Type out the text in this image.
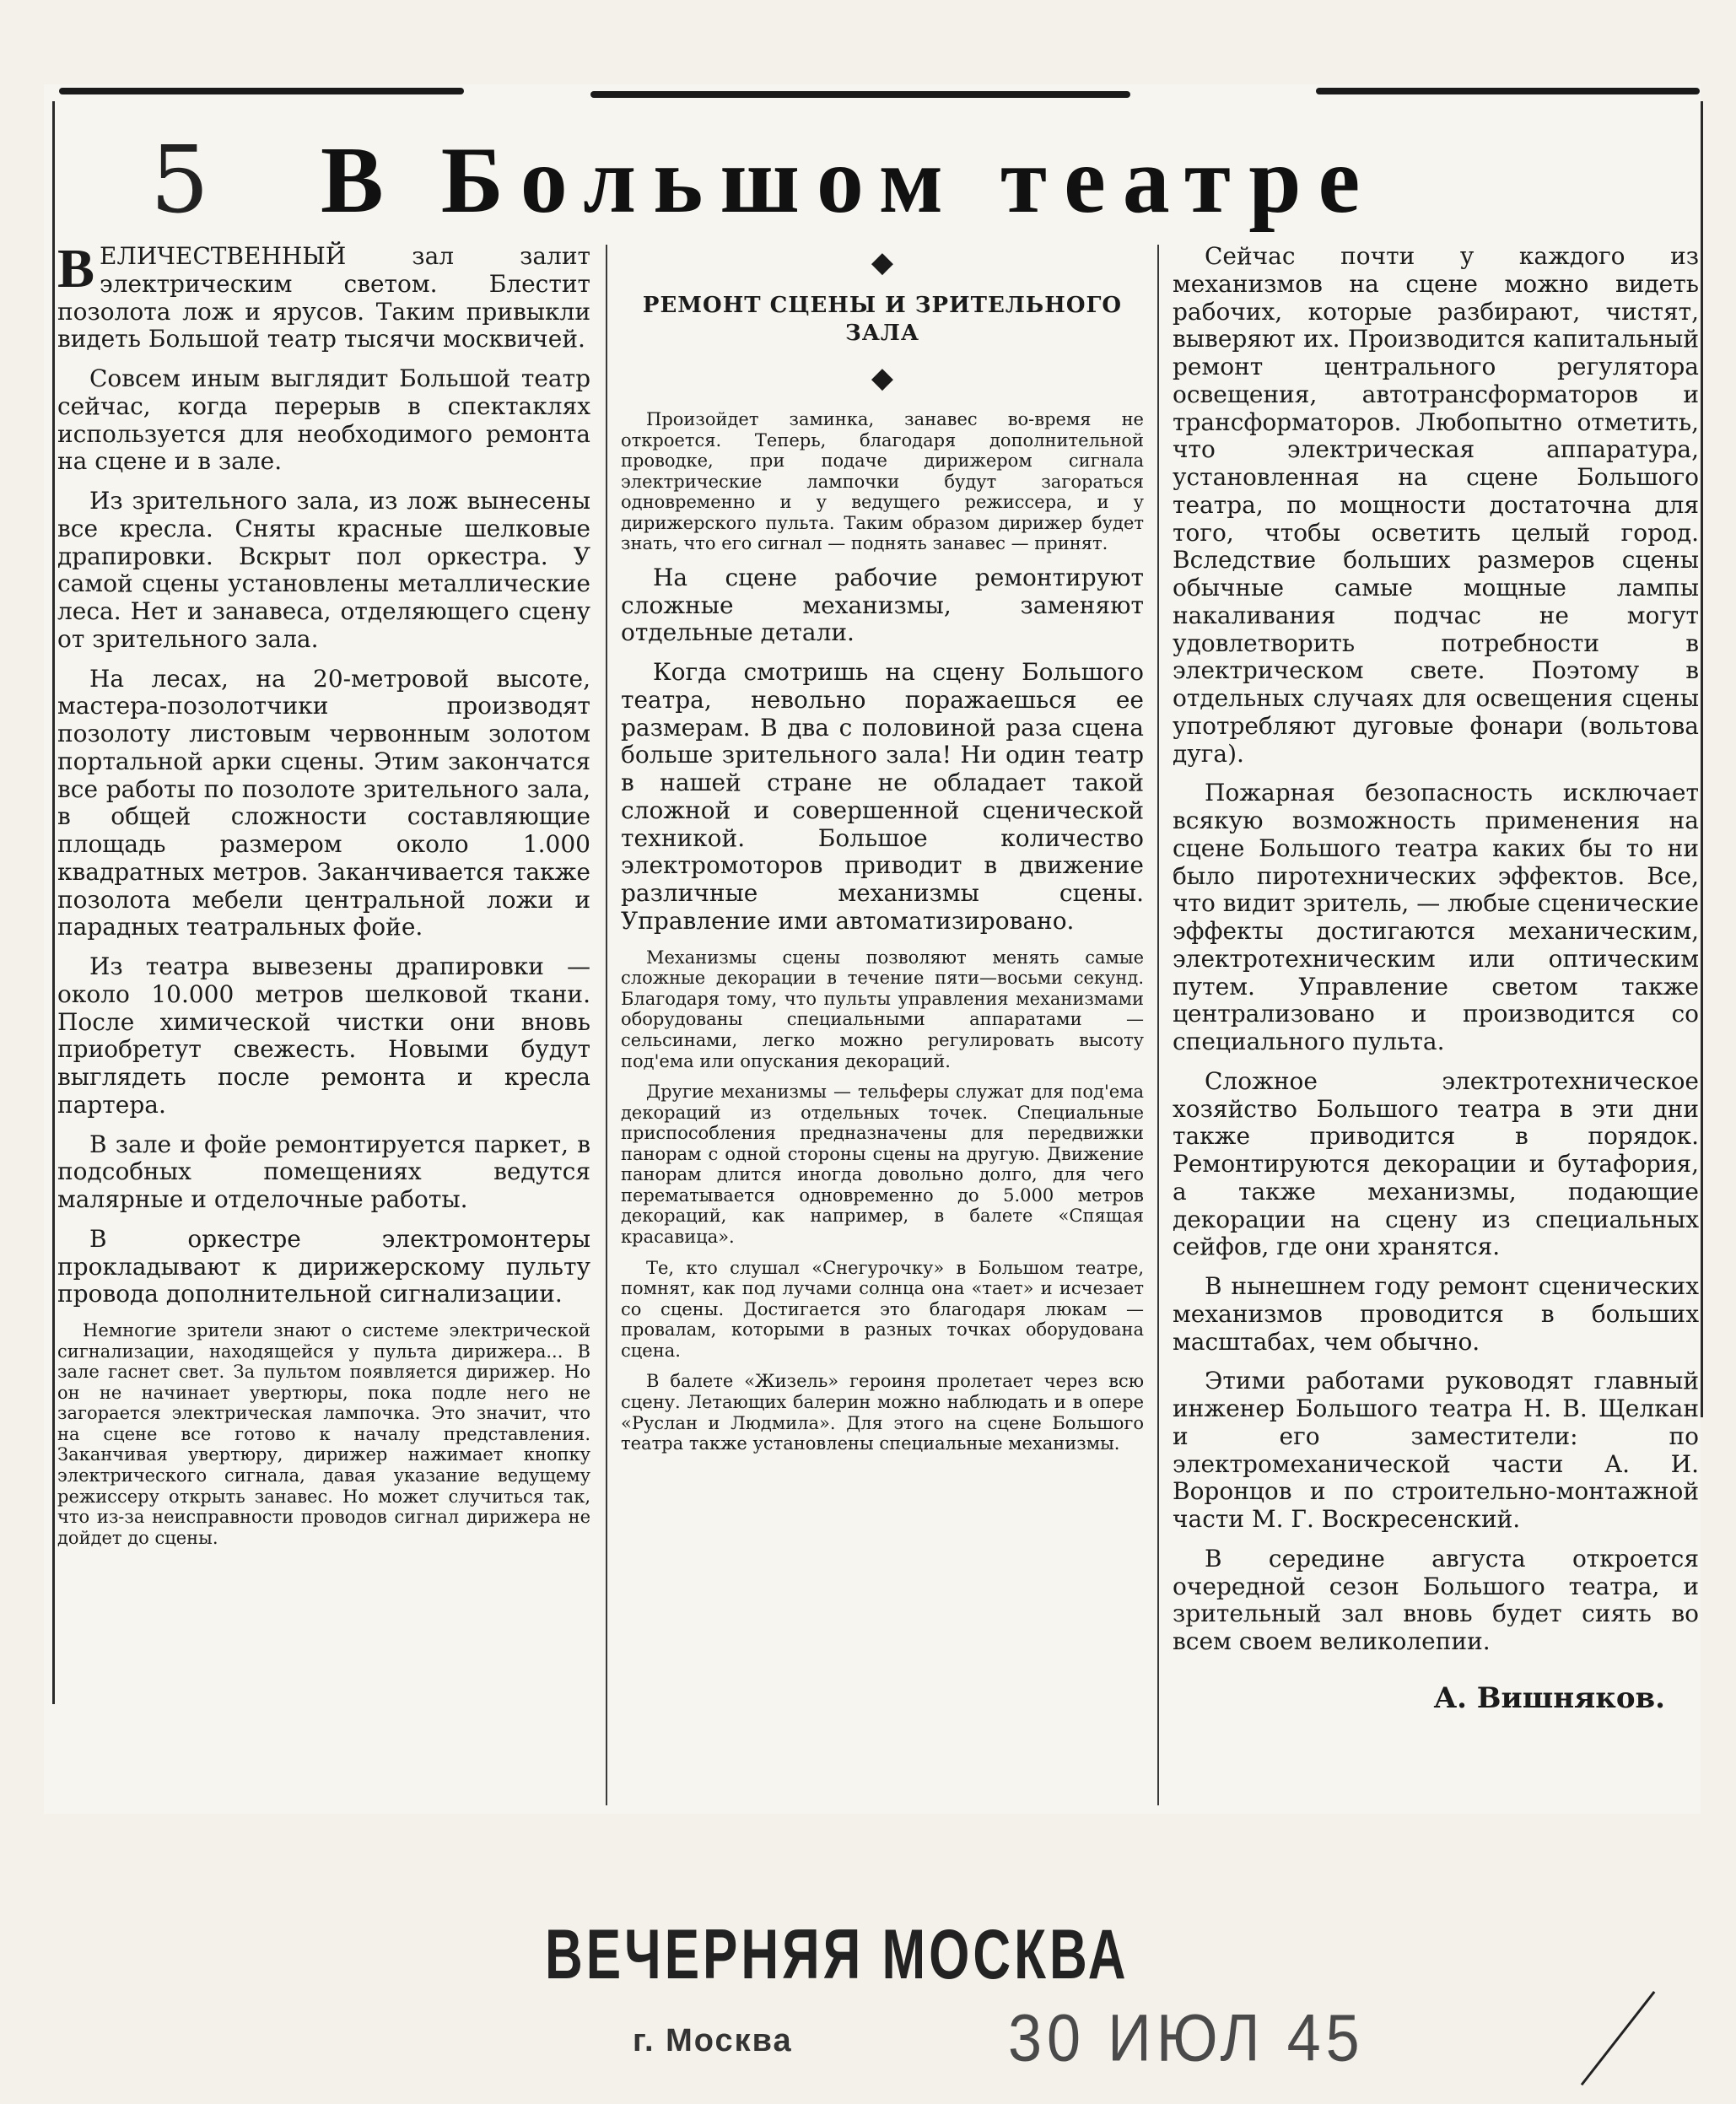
5 В Большом театре

ВЕЛИЧЕСТВЕННЫЙ зал залит электрическим светом. Блестит позолота лож и ярусов. Таким привыкли видеть Большой театр тысячи москвичей.

Совсем иным выглядит Большой театр сейчас, когда перерыв в спектаклях используется для необходимого ремонта на сцене и в зале.

Из зрительного зала, из лож вынесены все кресла. Сняты красные шелковые драпировки. Вскрыт пол оркестра. У самой сцены установлены металлические леса. Нет и занавеса, отделяющего сцену от зрительного зала.

На лесах, на 20-метровой высоте, мастера-позолотчики производят позолоту листовым червонным золотом портальной арки сцены. Этим закончатся все работы по позолоте зрительного зала, в общей сложности составляющие площадь размером около 1.000 квадратных метров. Заканчивается также позолота мебели центральной ложи и парадных театральных фойе.

Из театра вывезены драпировки — около 10.000 метров шелковой ткани. После химической чистки они вновь приобретут свежесть. Новыми будут выглядеть после ремонта и кресла партера.

В зале и фойе ремонтируется паркет, в подсобных помещениях ведутся малярные и отделочные работы.

В оркестре электромонтеры прокладывают к дирижерскому пульту провода дополнительной сигнализации.

Немногие зрители знают о системе электрической сигнализации, находящейся у пульта дирижера... В зале гаснет свет. За пультом появляется дирижер. Но он не начинает увертюры, пока подле него не загорается электрическая лампочка. Это значит, что на сцене все готово к началу представления. Заканчивая увертюру, дирижер нажимает кнопку электрического сигнала, давая указание ведущему режиссеру открыть занавес. Но может случиться так, что из-за неисправности проводов сигнал дирижера не дойдет до сцены.

◆
РЕМОНТ СЦЕНЫ И ЗРИТЕЛЬНОГО ЗАЛА
◆

Произойдет заминка, занавес во-время не откроется. Теперь, благодаря дополнительной проводке, при подаче дирижером сигнала электрические лампочки будут загораться одновременно и у ведущего режиссера, и у дирижерского пульта. Таким образом дирижер будет знать, что его сигнал — поднять занавес — принят.

На сцене рабочие ремонтируют сложные механизмы, заменяют отдельные детали.

Когда смотришь на сцену Большого театра, невольно поражаешься ее размерам. В два с половиной раза сцена больше зрительного зала! Ни один театр в нашей стране не обладает такой сложной и совершенной сценической техникой. Большое количество электромоторов приводит в движение различные механизмы сцены. Управление ими автоматизировано.

Механизмы сцены позволяют менять самые сложные декорации в течение пяти—восьми секунд. Благодаря тому, что пульты управления механизмами оборудованы специальными аппаратами — сельсинами, легко можно регулировать высоту под'ема или опускания декораций.

Другие механизмы — тельферы служат для под'ема декораций из отдельных точек. Специальные приспособления предназначены для передвижки панорам с одной стороны сцены на другую. Движение панорам длится иногда довольно долго, для чего перематывается одновременно до 5.000 метров декораций, как например, в балете «Спящая красавица».

Те, кто слушал «Снегурочку» в Большом театре, помнят, как под лучами солнца она «тает» и исчезает со сцены. Достигается это благодаря люкам — провалам, которыми в разных точках оборудована сцена.

В балете «Жизель» героиня пролетает через всю сцену. Летающих балерин можно наблюдать и в опере «Руслан и Людмила». Для этого на сцене Большого театра также установлены специальные механизмы.

Сейчас почти у каждого из механизмов на сцене можно видеть рабочих, которые разбирают, чистят, выверяют их. Производится капитальный ремонт центрального регулятора освещения, автотрансформаторов и трансформаторов. Любопытно отметить, что электрическая аппаратура, установленная на сцене Большого театра, по мощности достаточна для того, чтобы осветить целый город. Вследствие больших размеров сцены обычные самые мощные лампы накаливания подчас не могут удовлетворить потребности в электрическом свете. Поэтому в отдельных случаях для освещения сцены употребляют дуговые фонари (вольтова дуга).

Пожарная безопасность исключает всякую возможность применения на сцене Большого театра каких бы то ни было пиротехнических эффектов. Все, что видит зритель, — любые сценические эффекты достигаются механическим, электротехническим или оптическим путем. Управление светом также централизовано и производится со специального пульта.

Сложное электротехническое хозяйство Большого театра в эти дни также приводится в порядок. Ремонтируются декорации и бутафория, а также механизмы, подающие декорации на сцену из специальных сейфов, где они хранятся.

В нынешнем году ремонт сценических механизмов проводится в больших масштабах, чем обычно.

Этими работами руководят главный инженер Большого театра Н. В. Щелкан и его заместители: по электромеханической части А. И. Воронцов и по строительно-монтажной части М. Г. Воскресенский.

В середине августа откроется очередной сезон Большого театра, и зрительный зал вновь будет сиять во всем своем великолепии.

А. Вишняков.
ВЕЧЕРНЯЯ МОСКВА
г. Москва	30 ИЮЛ 45
